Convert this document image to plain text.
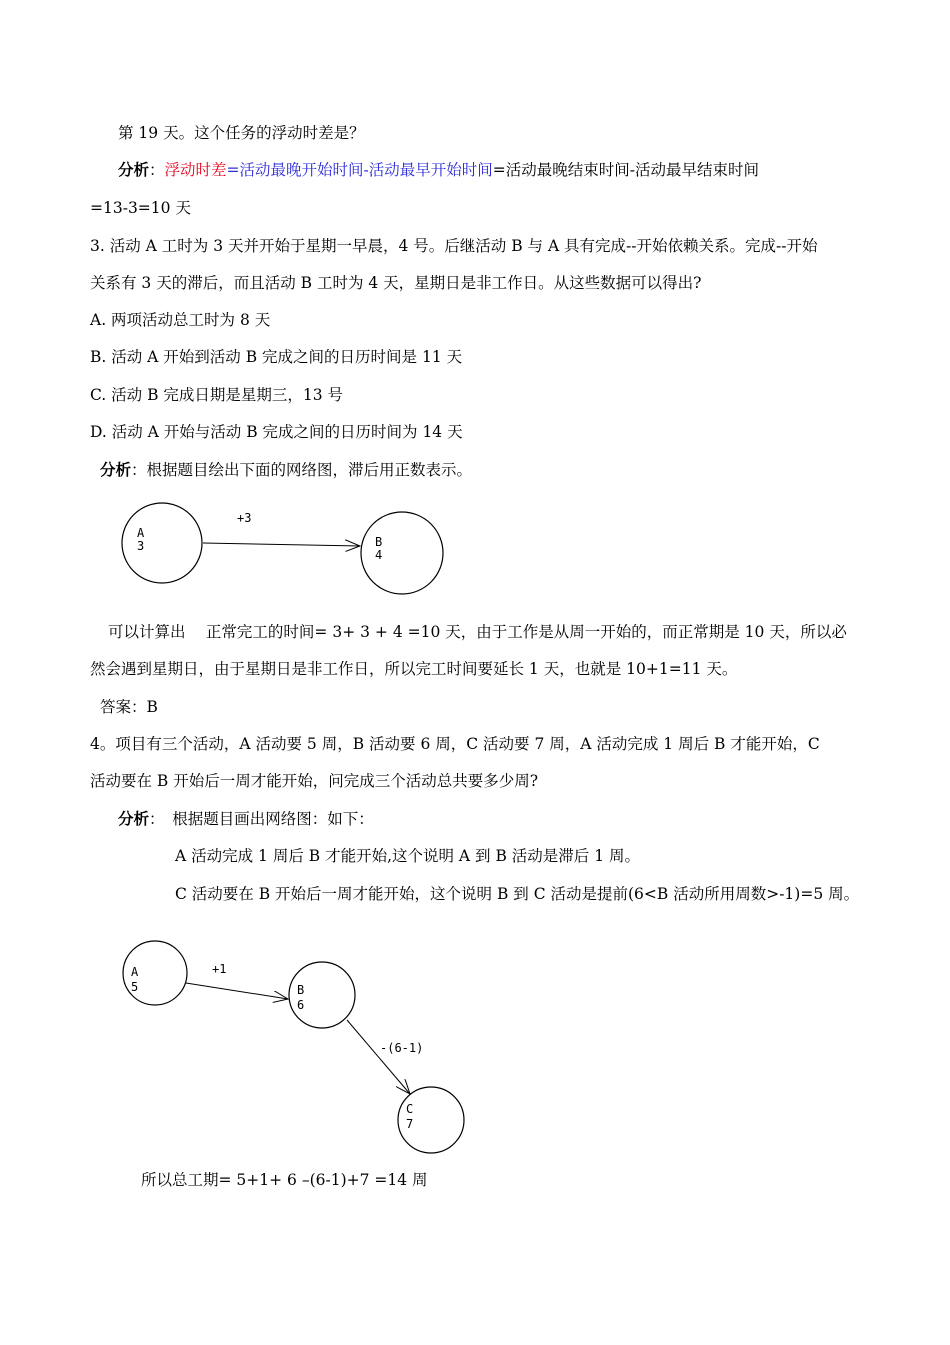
第 19 天。这个任务的浮动时差是？
分析：浮动时差=活动最晚开始时间-活动最早开始时间=活动最晚结束时间-活动最早结束时间
=13-3=10 天
3. 活动 A 工时为 3 天并开始于星期一早晨，4 号。后继活动 B 与 A 具有完成--开始依赖关系。完成--开始
关系有 3 天的滞后，而且活动 B 工时为 4 天，星期日是非工作日。从这些数据可以得出?
A. 两项活动总工时为 8 天
B. 活动 A 开始到活动 B 完成之间的日历时间是 11 天
C. 活动 B 完成日期是星期三，13 号
D. 活动 A 开始与活动 B 完成之间的日历时间为 14 天
分析：根据题目绘出下面的网络图，滞后用正数表示。
A
3	B
4
+3
A
5	B
6
C
7
+1
-(6-1)
可以计算出　 正常完工的时间= 3+ 3 + 4 =10 天，由于工作是从周一开始的，而正常期是 10 天，所以必
然会遇到星期日，由于星期日是非工作日，所以完工时间要延长 1 天，也就是 10+1=11 天。
答案：B
4。项目有三个活动，A 活动要 5 周，B 活动要 6 周，C 活动要 7 周，A 活动完成 1 周后 B 才能开始，C
活动要在 B 开始后一周才能开始，问完成三个活动总共要多少周?
分析：　根据题目画出网络图：如下：
A 活动完成 1 周后 B 才能开始,这个说明 A 到 B 活动是滞后 1 周。
C 活动要在 B 开始后一周才能开始，这个说明 B 到 C 活动是提前(6<B 活动所用周数>-1)=5 周。
所以总工期= 5+1+ 6 –(6-1)+7 =14 周
